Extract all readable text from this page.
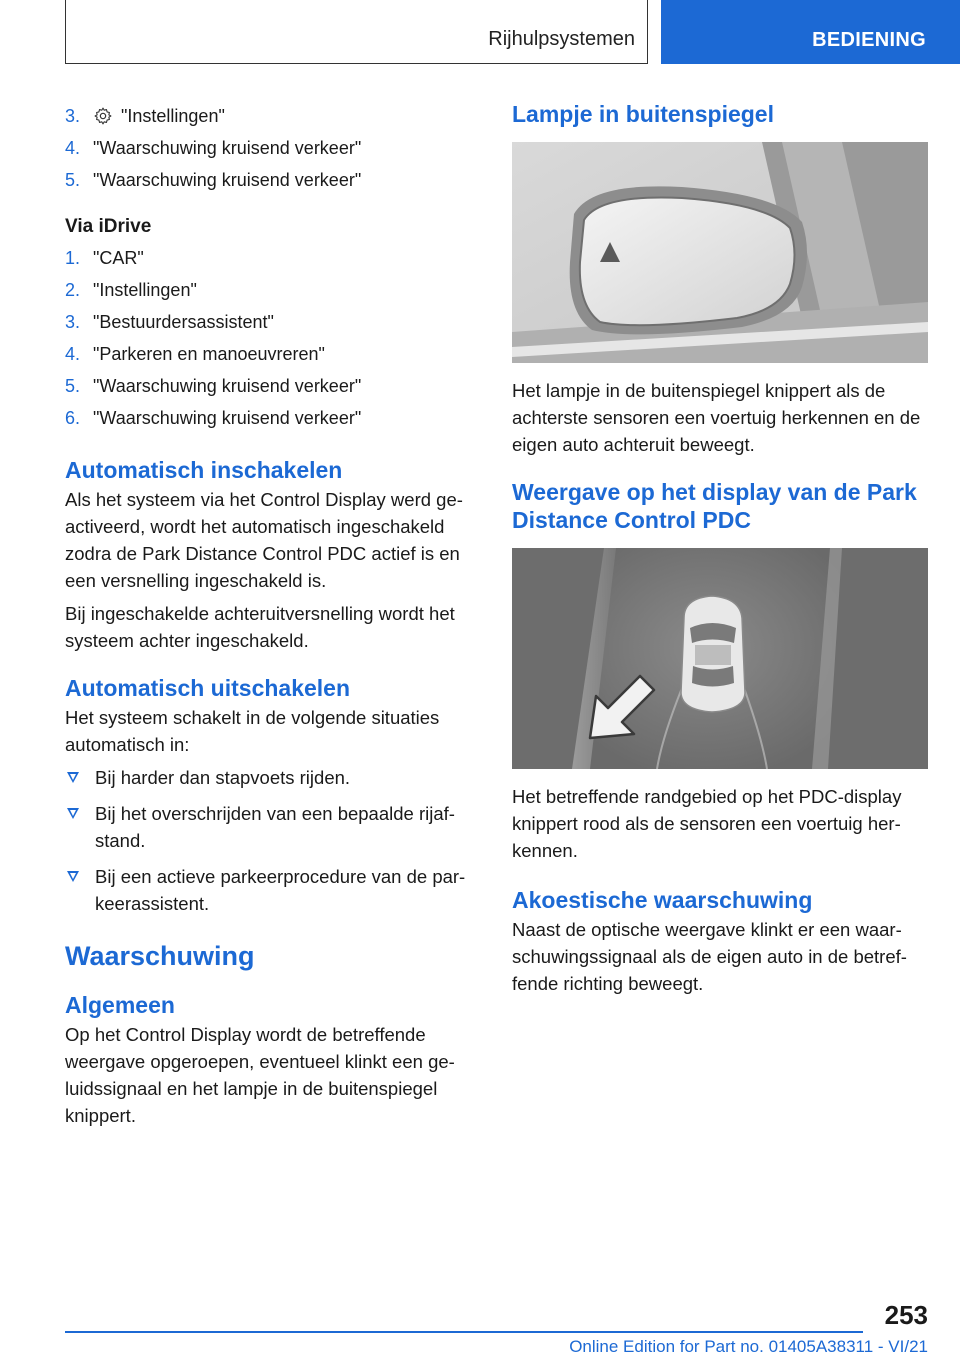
Rijhulpsystemen	BEDIENING
3. "Instellingen"
4. "Waarschuwing kruisend verkeer"
5. "Waarschuwing kruisend verkeer"
Via iDrive
1. "CAR"
2. "Instellingen"
3. "Bestuurdersassistent"
4. "Parkeren en manoeuvreren"
5. "Waarschuwing kruisend verkeer"
6. "Waarschuwing kruisend verkeer"
Automatisch inschakelen

Als het systeem via het Control Display werd ge-activeerd, wordt het automatisch ingeschakeld zodra de Park Distance Control PDC actief is en een versnelling ingeschakeld is.

Bij ingeschakelde achteruitversnelling wordt het systeem achter ingeschakeld.

Automatisch uitschakelen

Het systeem schakelt in de volgende situaties automatisch in:

Bij harder dan stapvoets rijden.
Bij het overschrijden van een bepaalde rijaf-stand.
Bij een actieve parkeerprocedure van de par-keerassistent.
Waarschuwing
Algemeen

Op het Control Display wordt de betreffende weergave opgeroepen, eventueel klinkt een ge-luidssignaal en het lampje in de buitenspiegel knippert.

Lampje in buitenspiegel

Het lampje in de buitenspiegel knippert als de achterste sensoren een voertuig herkennen en de eigen auto achteruit beweegt.

Weergave op het display van de Park Distance Control PDC

Het betreffende randgebied op het PDC-display knippert rood als de sensoren een voertuig her-kennen.

Akoestische waarschuwing

Naast de optische weergave klinkt er een waar-schuwingssignaal als de eigen auto in de betref-fende richting beweegt.

253
Online Edition for Part no. 01405A38311 - VI/21
